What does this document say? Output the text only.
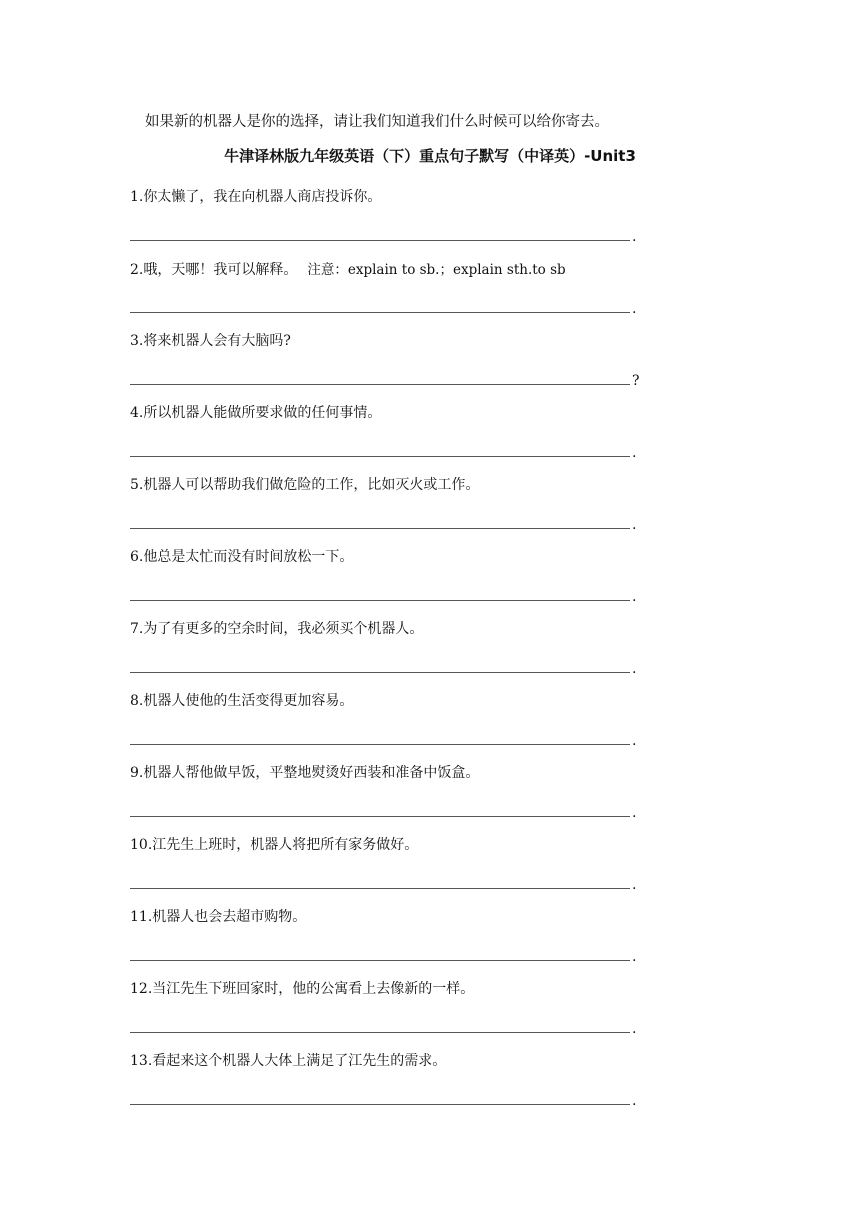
如果新的机器人是你的选择，请让我们知道我们什么时候可以给你寄去。
牛津译林版九年级英语（下）重点句子默写（中译英）-Unit3
1.你太懒了，我在向机器人商店投诉你。
.
2.哦，天哪！我可以解释。 注意：explain to sb.；explain sth.to sb
.
3.将来机器人会有大脑吗?
?
4.所以机器人能做所要求做的任何事情。
.
5.机器人可以帮助我们做危险的工作，比如灭火或工作。
.
6.他总是太忙而没有时间放松一下。
.
7.为了有更多的空余时间，我必须买个机器人。
.
8.机器人使他的生活变得更加容易。
.
9.机器人帮他做早饭，平整地熨烫好西装和准备中饭盒。
.
10.江先生上班时，机器人将把所有家务做好。
.
11.机器人也会去超市购物。
.
12.当江先生下班回家时，他的公寓看上去像新的一样。
.
13.看起来这个机器人大体上满足了江先生的需求。
.
